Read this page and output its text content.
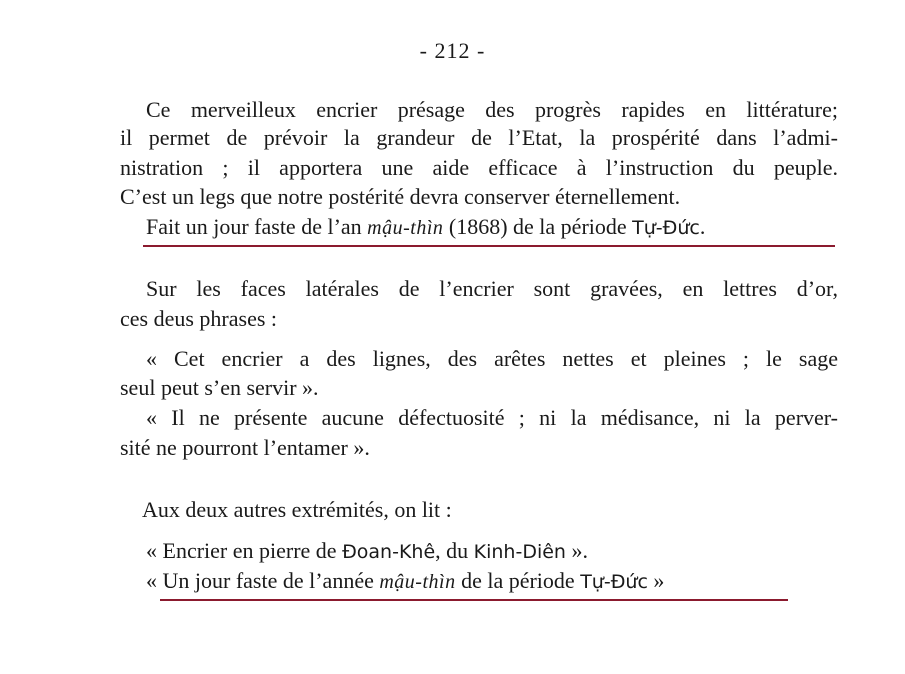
- 212 -
Ce merveilleux encrier présage des progrès rapides en littérature;
il permet de prévoir la grandeur de l’Etat, la prospérité dans l’admi-
nistration ; il apportera une aide efficace à l’instruction du peuple.
C’est un legs que notre postérité devra conserver éternellement.
Fait un jour faste de l’an mậu-thìn (1868) de la période Tự-Đức.
Sur les faces latérales de l’encrier sont gravées, en lettres d’or,
ces deus phrases :
« Cet encrier a des lignes, des arêtes nettes et pleines ; le sage
seul peut s’en servir ».
« Il ne présente aucune défectuosité ; ni la médisance, ni la perver-
sité ne pourront l’entamer ».
Aux deux autres extrémités, on lit :
« Encrier en pierre de Đoan-Khê, du Kinh-Diên ».
« Un jour faste de l’année mậu-thìn de la période Tự-Đức »
